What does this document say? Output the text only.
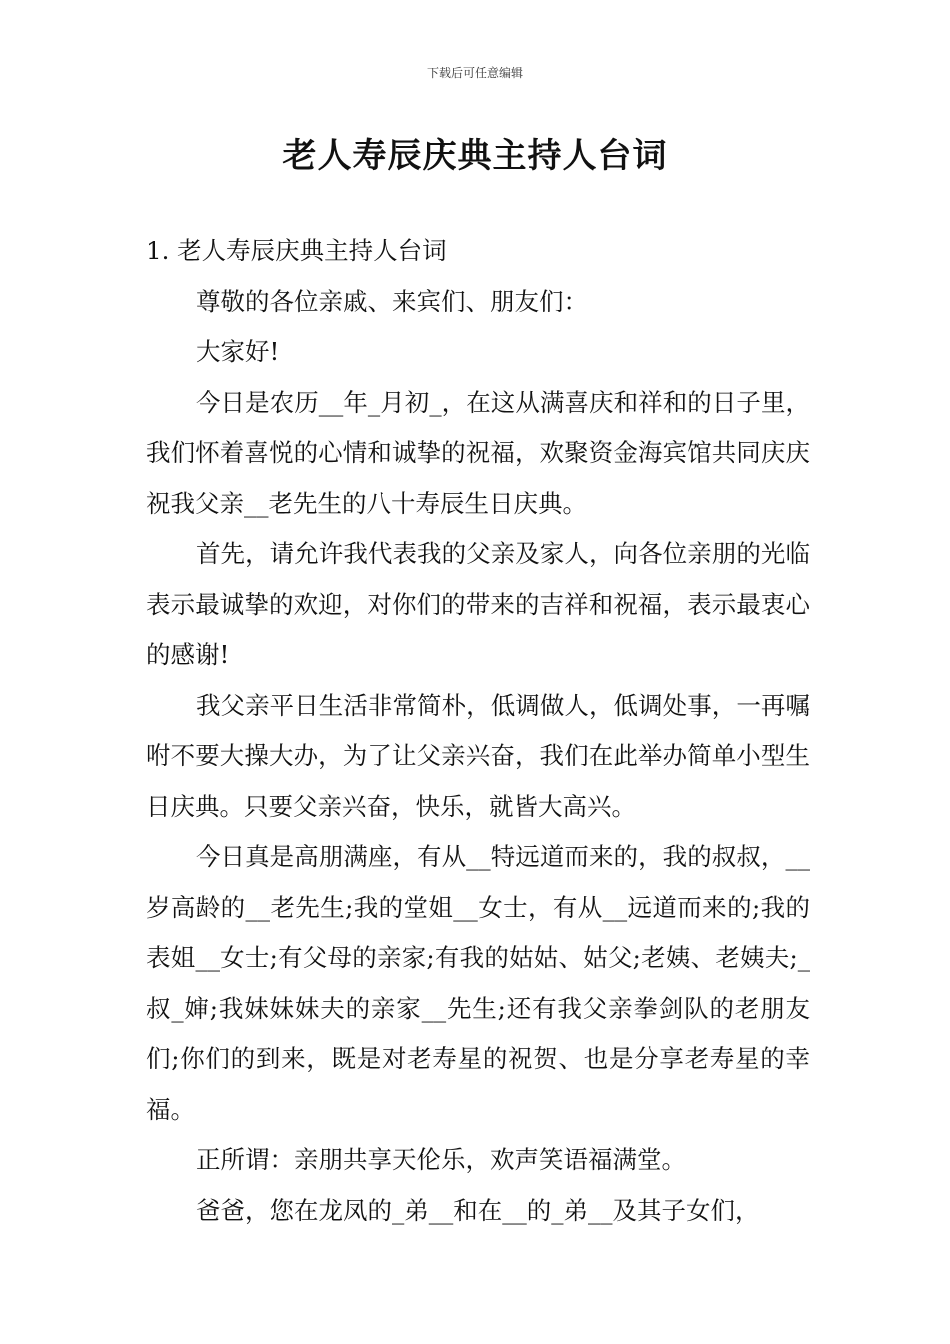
下载后可任意编辑
老人寿辰庆典主持人台词

1. 老人寿辰庆典主持人台词

尊敬的各位亲戚、来宾们、朋友们：

大家好!

今日是农历__年_月初_，在这从满喜庆和祥和的日子里，我们怀着喜悦的心情和诚挚的祝福，欢聚资金海宾馆共同庆庆祝我父亲__老先生的八十寿辰生日庆典。

首先，请允许我代表我的父亲及家人，向各位亲朋的光临表示最诚挚的欢迎，对你们的带来的吉祥和祝福，表示最衷心的感谢!

我父亲平日生活非常简朴，低调做人，低调处事，一再嘱咐不要大操大办，为了让父亲兴奋，我们在此举办简单小型生日庆典。只要父亲兴奋，快乐，就皆大高兴。

今日真是高朋满座，有从__特远道而来的，我的叔叔，__岁高龄的__老先生;我的堂姐__女士，有从__远道而来的;我的表姐__女士;有父母的亲家;有我的姑姑、姑父;老姨、老姨夫;_叔_婶;我妹妹妹夫的亲家__先生;还有我父亲拳剑队的老朋友们;你们的到来，既是对老寿星的祝贺、也是分享老寿星的幸福。

正所谓：亲朋共享天伦乐，欢声笑语福满堂。

爸爸，您在龙凤的_弟__和在__的_弟__及其子女们，
